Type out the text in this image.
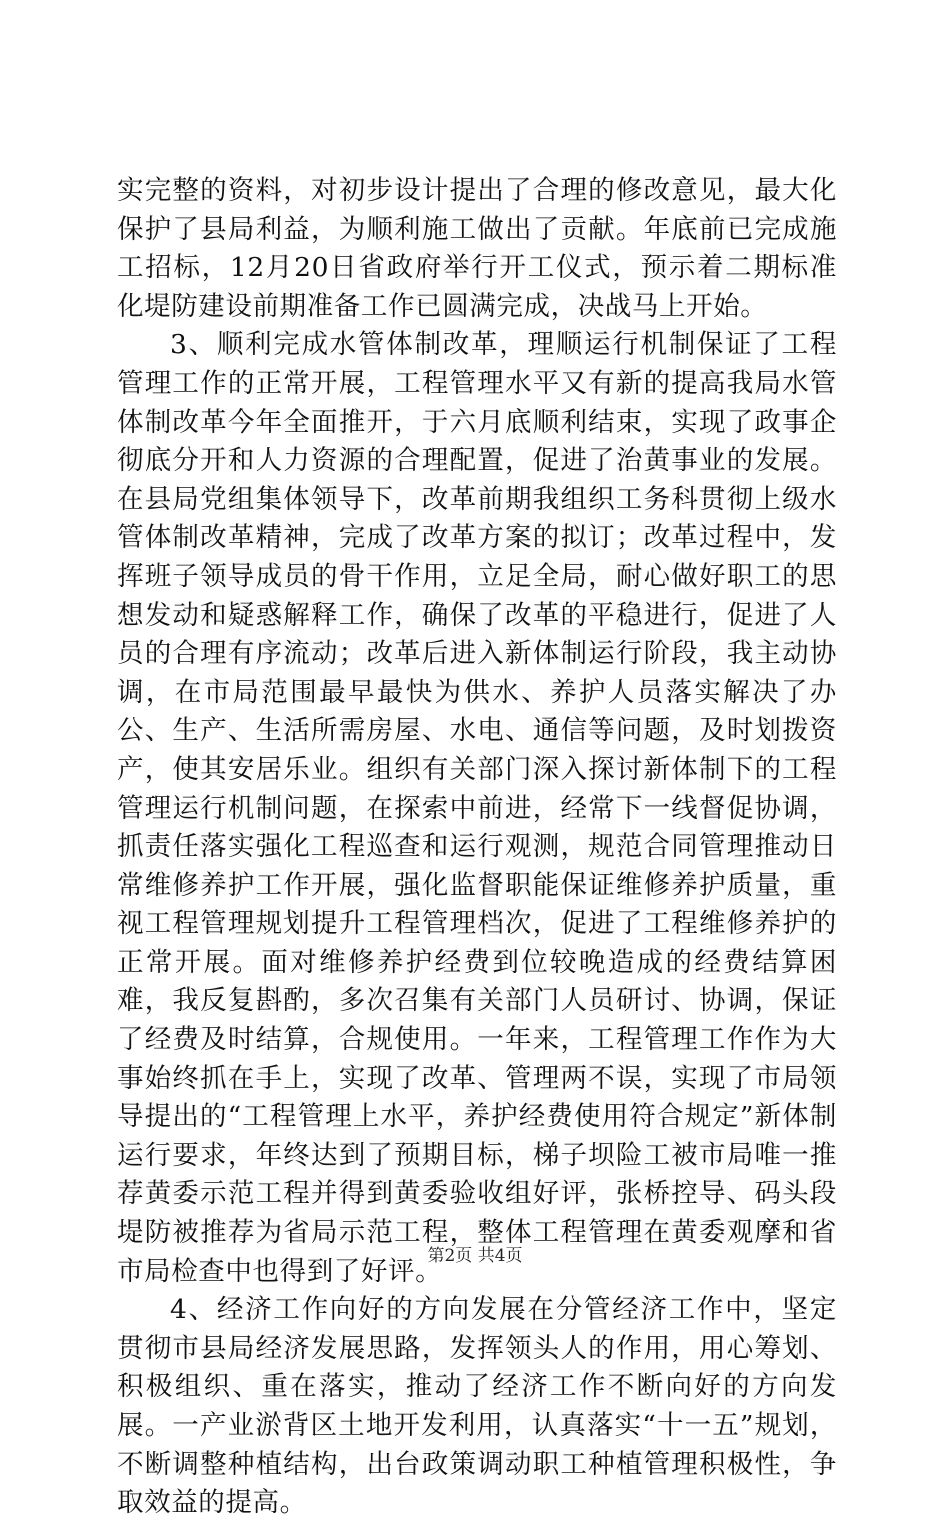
实完整的资料，对初步设计提出了合理的修改意见，最大化保护了县局利益，为顺利施工做出了贡献。年底前已完成施工招标，12月20日省政府举行开工仪式，预示着二期标准化堤防建设前期准备工作已圆满完成，决战马上开始。

3、顺利完成水管体制改革，理顺运行机制保证了工程管理工作的正常开展，工程管理水平又有新的提高我局水管体制改革今年全面推开，于六月底顺利结束，实现了政事企彻底分开和人力资源的合理配置，促进了治黄事业的发展。在县局党组集体领导下，改革前期我组织工务科贯彻上级水管体制改革精神，完成了改革方案的拟订；改革过程中，发挥班子领导成员的骨干作用，立足全局，耐心做好职工的思想发动和疑惑解释工作，确保了改革的平稳进行，促进了人员的合理有序流动；改革后进入新体制运行阶段，我主动协调，在市局范围最早最快为供水、养护人员落实解决了办公、生产、生活所需房屋、水电、通信等问题，及时划拨资产，使其安居乐业。组织有关部门深入探讨新体制下的工程管理运行机制问题，在探索中前进，经常下一线督促协调，抓责任落实强化工程巡查和运行观测，规范合同管理推动日常维修养护工作开展，强化监督职能保证维修养护质量，重视工程管理规划提升工程管理档次，促进了工程维修养护的正常开展。面对维修养护经费到位较晚造成的经费结算困难，我反复斟酌，多次召集有关部门人员研讨、协调，保证了经费及时结算，合规使用。一年来，工程管理工作作为大事始终抓在手上，实现了改革、管理两不误，实现了市局领导提出的“工程管理上水平，养护经费使用符合规定”新体制运行要求，年终达到了预期目标，梯子坝险工被市局唯一推荐黄委示范工程并得到黄委验收组好评，张桥控导、码头段堤防被推荐为省局示范工程，整体工程管理在黄委观摩和省市局检查中也得到了好评。

4、经济工作向好的方向发展在分管经济工作中，坚定贯彻市县局经济发展思路，发挥领头人的作用，用心筹划、积极组织、重在落实，推动了经济工作不断向好的方向发展。一产业淤背区土地开发利用，认真落实“十一五”规划，不断调整种植结构，出台政策调动职工种植管理积极性，争取效益的提高。

第2页 共4页
